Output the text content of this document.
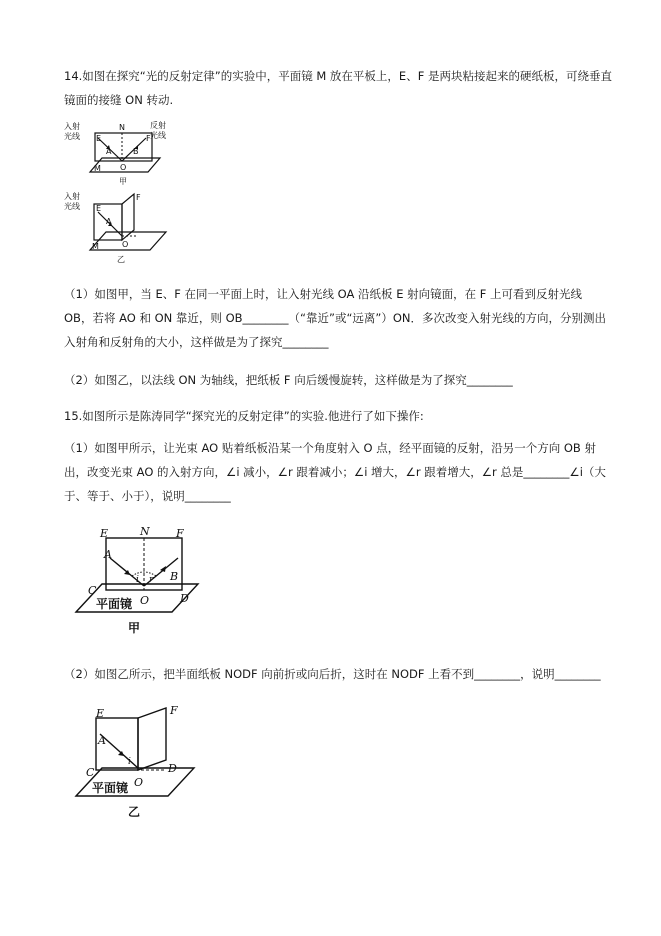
14.如图在探究“光的反射定律”的实验中，平面镜 M 放在平板上，E、F 是两块粘接起来的硬纸板，可绕垂直镜面的接缝 ON 转动.
入射
光线
反射
光线
E
N
F
A	B
O
M
甲
入射
光线 E
F
A
O
M
乙
（1）如图甲，当 E、F 在同一平面上时，让入射光线 OA 沿纸板 E 射向镜面，在 F 上可看到反射光线 OB，若将 AO 和 ON 靠近，则 OB________（“靠近”或“远离”）ON．多次改变入射光线的方向，分别测出入射角和反射角的大小，这样做是为了探究________
（2）如图乙，以法线 ON 为轴线，把纸板 F 向后缓慢旋转，这样做是为了探究________
15.如图所示是陈涛同学“探究光的反射定律”的实验.他进行了如下操作:
（1）如图甲所示，让光束 AO 贴着纸板沿某一个角度射入 O 点，经平面镜的反射，沿另一个方向 OB 射出，改变光束 AO 的入射方向，∠i 减小，∠r 跟着减小；∠i 增大，∠r 跟着增大，∠r 总是________∠i（大于、等于、小于），说明________
E	N F
A
B
C
O	D
i r
平面镜
甲
（2）如图乙所示，把半面纸板 NODF 向前折或向后折，这时在 NODF 上看不到________，说明________
E	F
A
C
O
D
i
平面镜
乙
